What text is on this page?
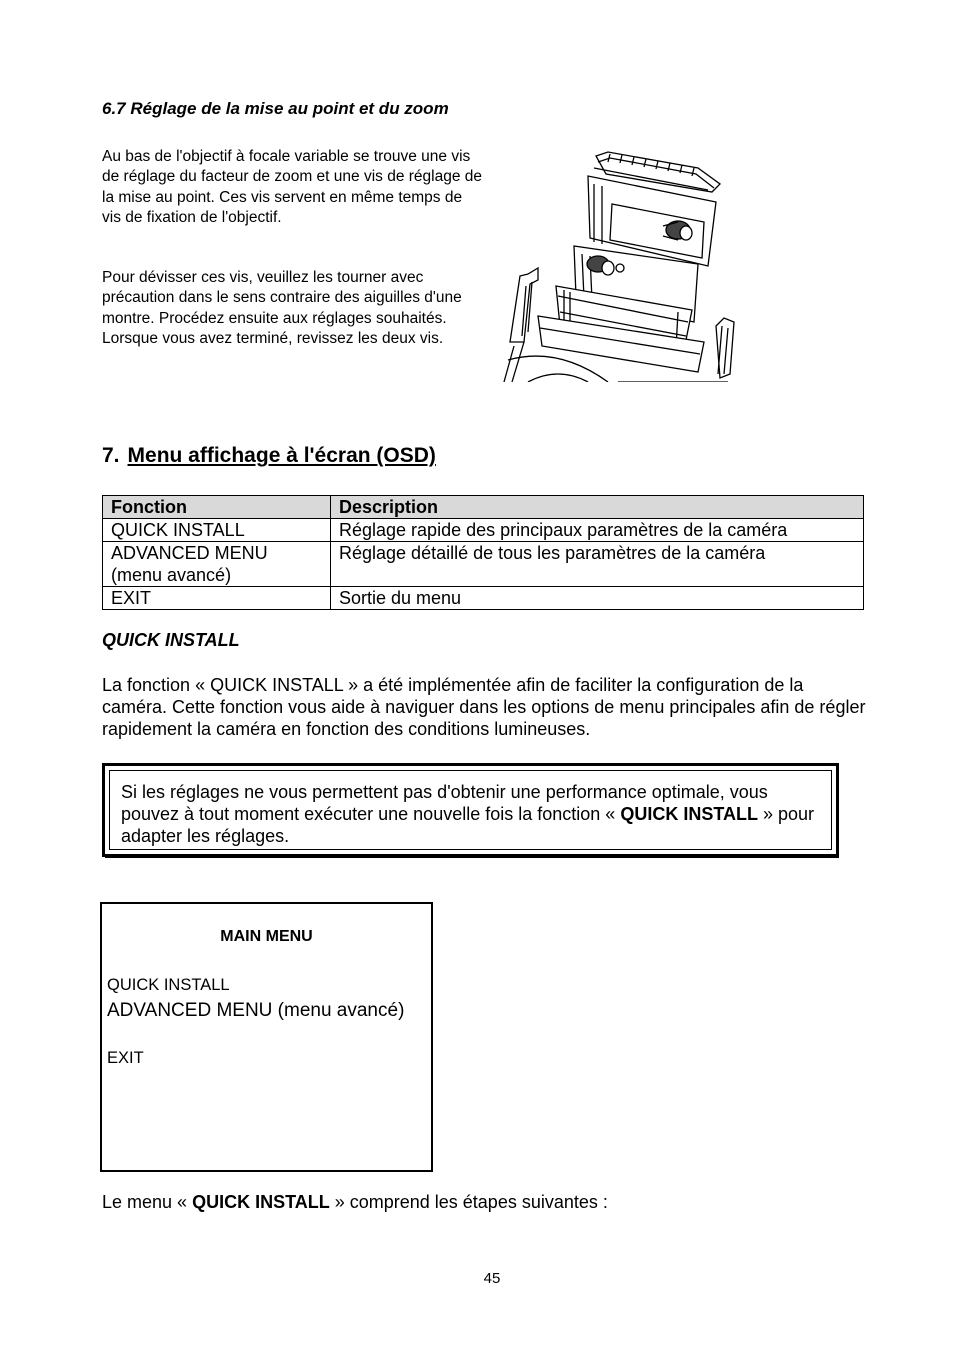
6.7 Réglage de la mise au point et du zoom
Au bas de l'objectif à focale variable se trouve une vis de réglage du facteur de zoom et une vis de réglage de la mise au point. Ces vis servent en même temps de vis de fixation de l'objectif.
Pour dévisser ces vis, veuillez les tourner avec précaution dans le sens contraire des aiguilles d'une montre. Procédez ensuite aux réglages souhaités. Lorsque vous avez terminé, revissez les deux vis.
7. Menu affichage à l'écran (OSD)
Fonction	Description
QUICK INSTALL	Réglage rapide des principaux paramètres de la caméra
ADVANCED MENU (menu avancé)	Réglage détaillé de tous les paramètres de la caméra
EXIT	Sortie du menu
QUICK INSTALL
La fonction « QUICK INSTALL » a été implémentée afin de faciliter la configuration de la caméra. Cette fonction vous aide à naviguer dans les options de menu principales afin de régler rapidement la caméra en fonction des conditions lumineuses.
Si les réglages ne vous permettent pas d'obtenir une performance optimale, vous pouvez à tout moment exécuter une nouvelle fois la fonction « QUICK INSTALL » pour adapter les réglages.
MAIN MENU
QUICK INSTALL
ADVANCED MENU (menu avancé)
EXIT
Le menu « QUICK INSTALL » comprend les étapes suivantes :
45
